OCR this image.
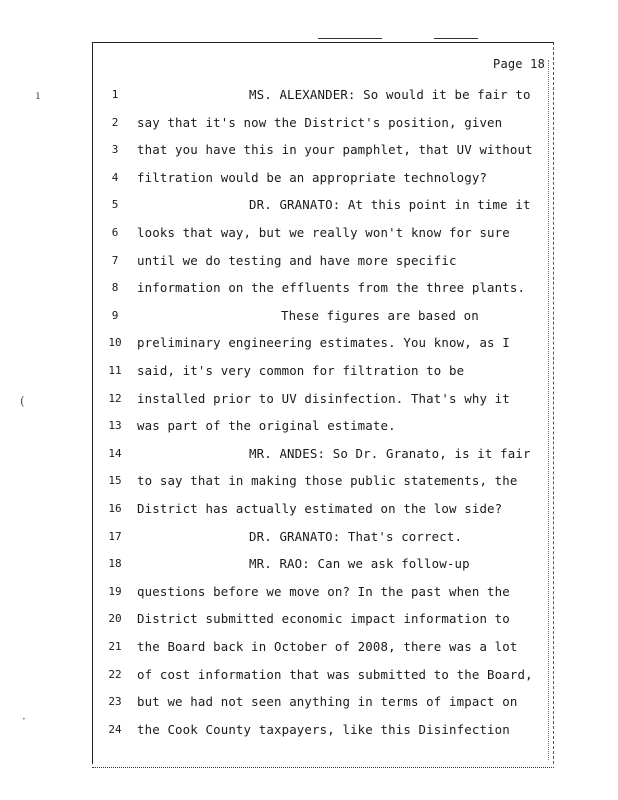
ı
(
·
Page 18
1	MS. ALEXANDER: So would it be fair to
2	say that it's now the District's position, given
3	that you have this in your pamphlet, that UV without
4	filtration would be an appropriate technology?
5	DR. GRANATO: At this point in time it
6	looks that way, but we really won't know for sure
7	until we do testing and have more specific
8	information on the effluents from the three plants.
9	These figures are based on
10	preliminary engineering estimates. You know, as I
11	said, it's very common for filtration to be
12	installed prior to UV disinfection. That's why it
13	was part of the original estimate.
14	MR. ANDES: So Dr. Granato, is it fair
15	to say that in making those public statements, the
16	District has actually estimated on the low side?
17	DR. GRANATO: That's correct.
18	MR. RAO: Can we ask follow-up
19	questions before we move on? In the past when the
20	District submitted economic impact information to
21	the Board back in October of 2008, there was a lot
22	of cost information that was submitted to the Board,
23	but we had not seen anything in terms of impact on
24	the Cook County taxpayers, like this Disinfection
